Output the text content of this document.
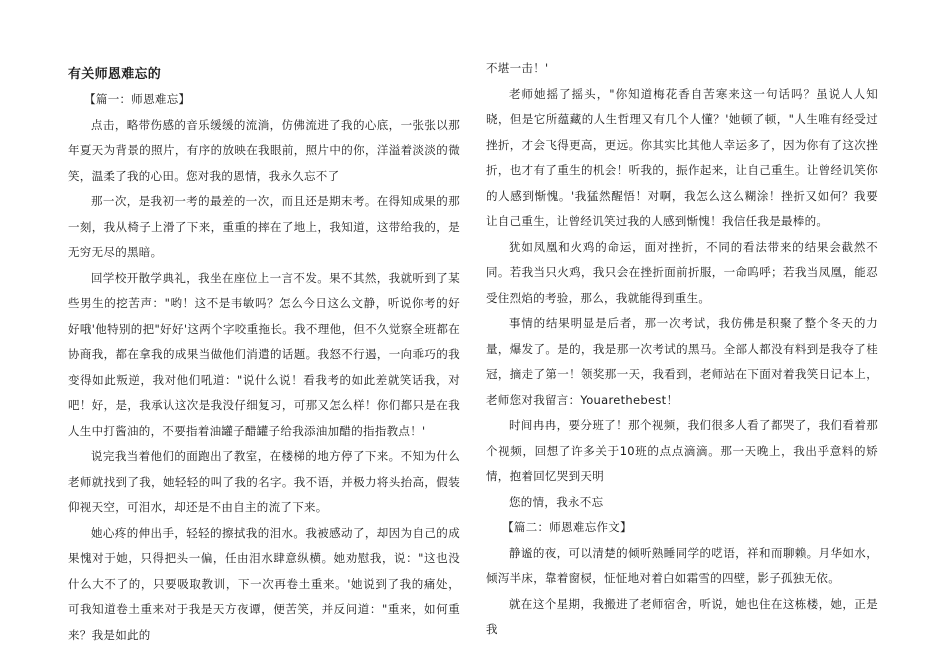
有关师恩难忘的

【篇一：师恩难忘】

点击，略带伤感的音乐缓缓的流淌，仿佛流进了我的心底，一张张以那年夏天为背景的照片，有序的放映在我眼前，照片中的你，洋溢着淡淡的微笑，温柔了我的心田。您对我的恩情，我永久忘不了

那一次，是我初一考的最差的一次，而且还是期末考。在得知成果的那一刻，我从椅子上滑了下来，重重的摔在了地上，我知道，这带给我的，是无穷无尽的黑暗。

回学校开散学典礼，我坐在座位上一言不发。果不其然，我就听到了某些男生的挖苦声："哟！这不是韦敏吗？怎么今日这么文静，听说你考的好好哦'他特别的把"好好'这两个字咬重拖长。我不理他，但不久觉察全班都在协商我，都在拿我的成果当做他们消遣的话题。我怒不行遏，一向乖巧的我变得如此叛逆，我对他们吼道："说什么说！看我考的如此差就笑话我，对吧！好，是，我承认这次是我没仔细复习，可那又怎么样！你们都只是在我人生中打酱油的，不要指着油罐子醋罐子给我添油加醋的指指教点！'

说完我当着他们的面跑出了教室，在楼梯的地方停了下来。不知为什么老师就找到了我，她轻轻的叫了我的名字。我不语，并极力将头抬高，假装仰视天空，可泪水，却还是不由自主的流了下来。

她心疼的伸出手，轻轻的擦拭我的泪水。我被感动了，却因为自己的成果愧对于她，只得把头一偏，任由泪水肆意纵横。她劝慰我，说："这也没什么大不了的，只要吸取教训，下一次再卷土重来。'她说到了我的痛处，可我知道卷土重来对于我是天方夜谭，便苦笑，并反问道："重来，如何重来？我是如此的

不堪一击！'

老师她摇了摇头，"你知道梅花香自苦寒来这一句话吗？虽说人人知晓，但是它所蕴藏的人生哲理又有几个人懂？'她顿了顿，"人生唯有经受过挫折，才会飞得更高，更远。你其实比其他人幸运多了，因为你有了这次挫折，也才有了重生的机会！听我的，振作起来，让自己重生。让曾经讥笑你的人感到惭愧。'我猛然醒悟！对啊，我怎么这么糊涂！挫折又如何？我要让自己重生，让曾经讥笑过我的人感到惭愧！我信任我是最棒的。

犹如凤凰和火鸡的命运，面对挫折，不同的看法带来的结果会截然不同。若我当只火鸡，我只会在挫折面前折服，一命呜呼；若我当凤凰，能忍受住烈焰的考验，那么，我就能得到重生。

事情的结果明显是后者，那一次考试，我仿佛是积聚了整个冬天的力量，爆发了。是的，我是那一次考试的黑马。全部人都没有料到是我夺了桂冠，摘走了第一！领奖那一天，我看到，老师站在下面对着我笑日记本上，老师您对我留言：Youarethebest！

时间冉冉，要分班了！那个视频，我们很多人看了都哭了，我们看着那个视频，回想了许多关于10班的点点滴滴。那一天晚上，我出乎意料的矫情，抱着回忆哭到天明

您的情，我永不忘

【篇二：师恩难忘作文】

静谧的夜，可以清楚的倾听熟睡同学的呓语，祥和而聊赖。月华如水，倾泻半床，靠着窗棂，怔怔地对着白如霜雪的四壁，影子孤独无依。

就在这个星期，我搬进了老师宿舍，听说，她也住在这栋楼，她，正是我
